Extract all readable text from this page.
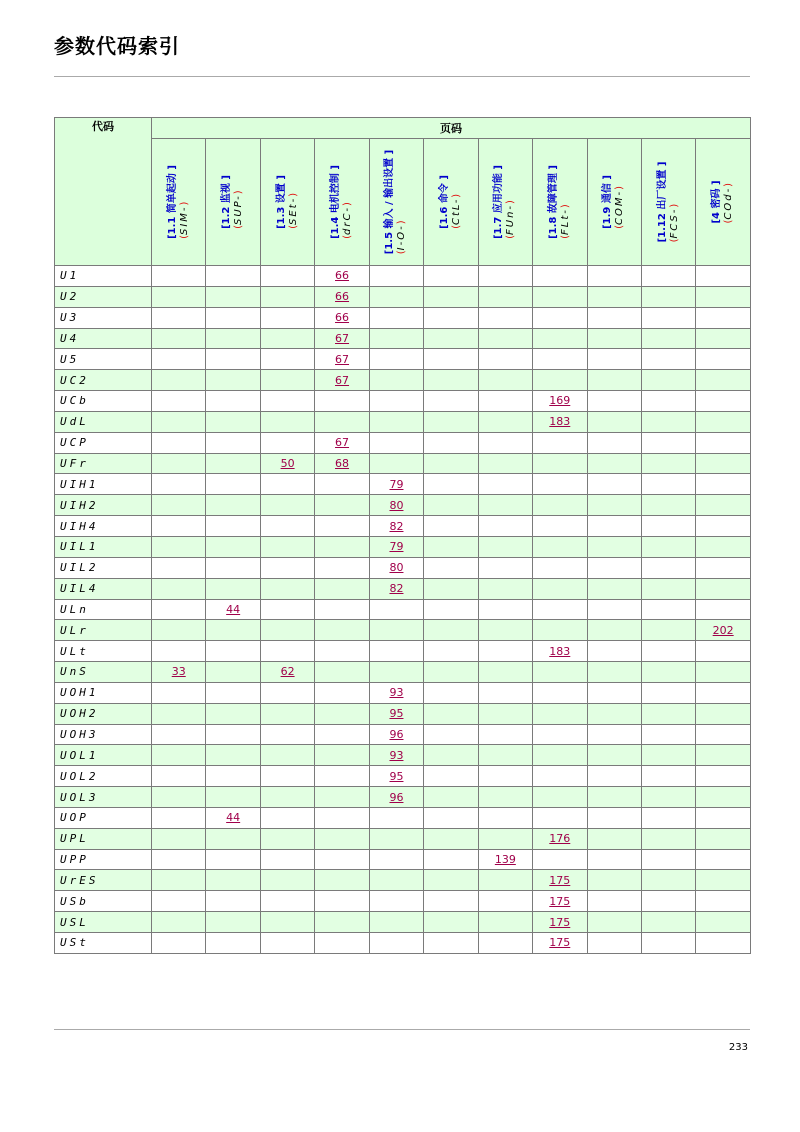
参数代码索引
代码	页码										

	[1.1 简单起动 ] (SIM-)	[1.2 监视 ] (SUP-)	[1.3 设置 ] (SEt-)	[1.4 电机控制 ] (drC-)	[1.5 输入 / 输出设置 ] (I-O-)	[1.6 命令 ] (CtL-)	[1.7 应用功能 ] (FUn-)	[1.8 故障管理 ] (FLt-)	[1.9 通信 ] (COM-)	[1.12 出厂设置 ] (FCS-)	[4 密码 ] (COd-)

U1				66							
U2				66							
U3				66							
U4				67							
U5				67							
UC2				67							
UCb								169			
UdL								183			
UCP				67							
UFr			50	68							
UIH1					79						
UIH2					80						
UIH4					82						
UIL1					79						
UIL2					80						
UIL4					82						
ULn		44									
ULr											202
ULt								183			
UnS	33		62								
UOH1					93						
UOH2					95						
UOH3					96						
UOL1					93						
UOL2					95						
UOL3					96						
UOP		44									
UPL								176			
UPP							139				
UrES								175			
USb								175			
USL								175			
USt								175			
233
